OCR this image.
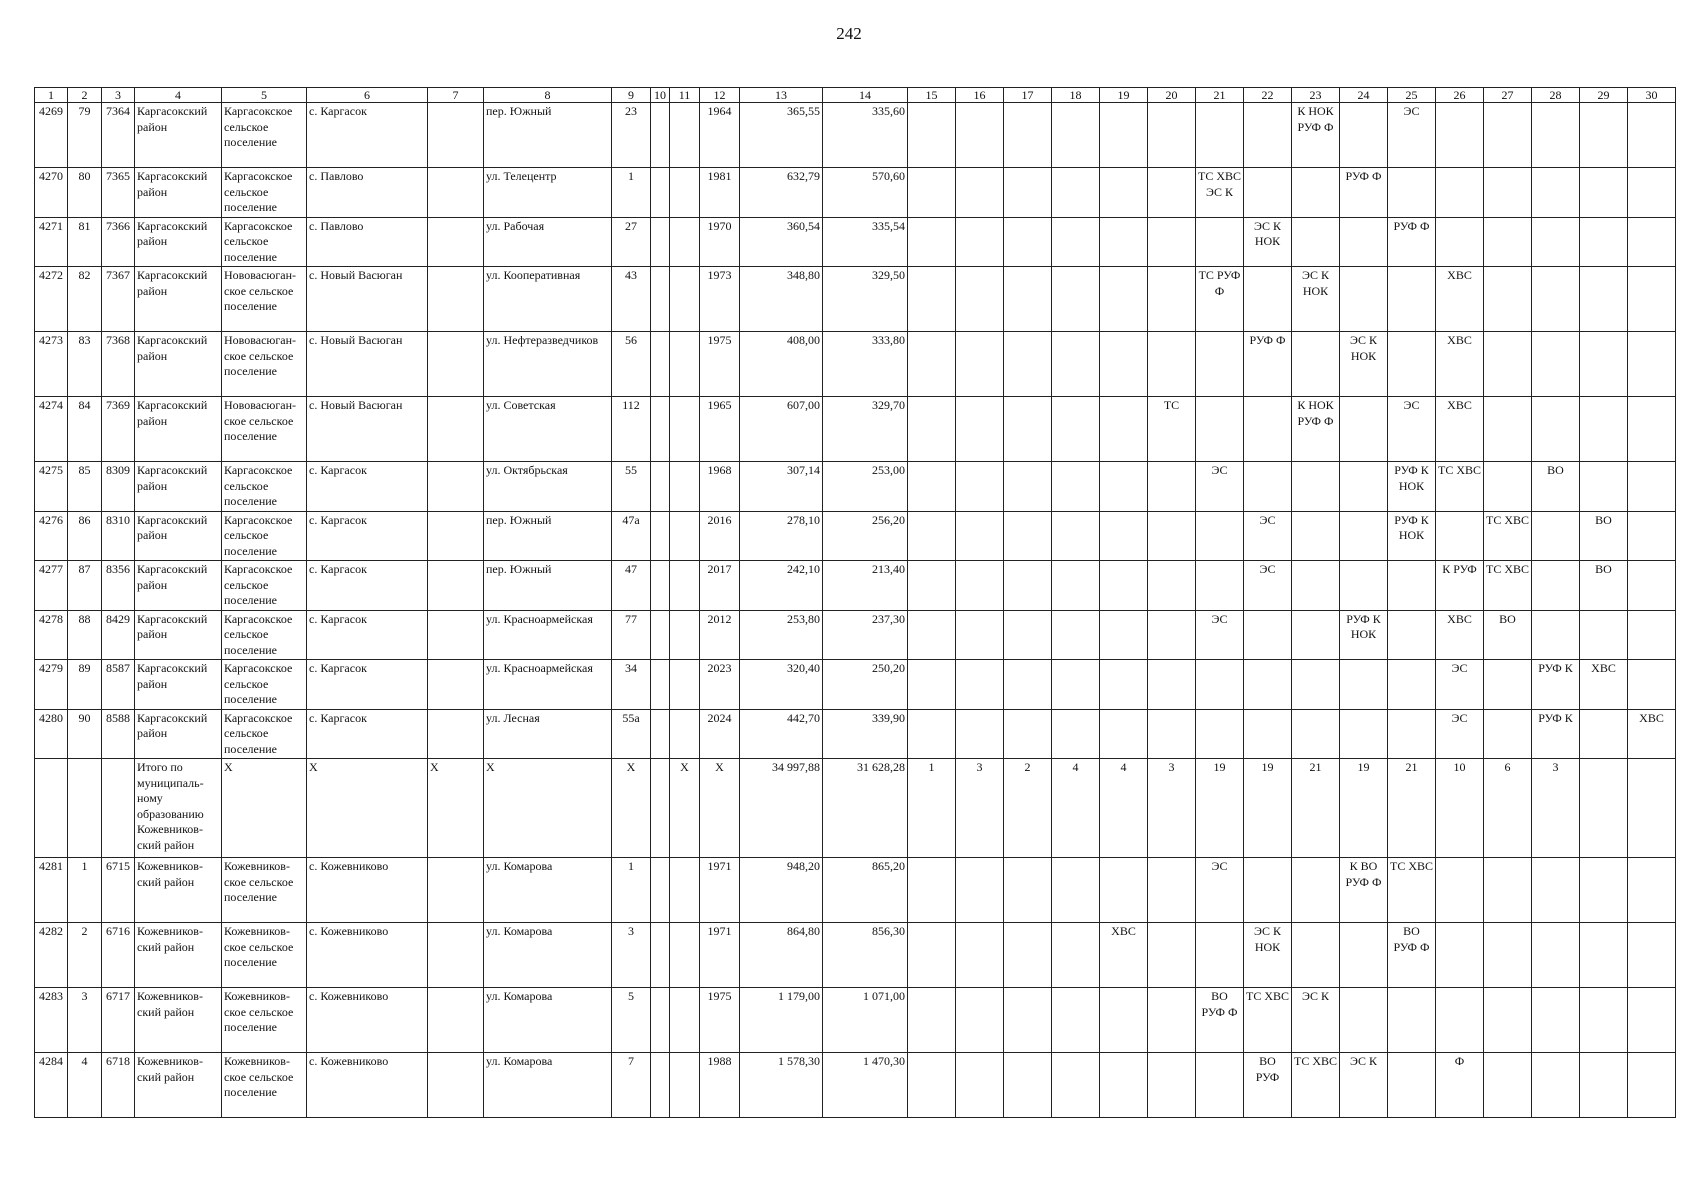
242
1	2	3	4	5	6	7	8	9	10	11	12	13	14	15	16	17	18	19	20	21	22	23	24	25	26	27	28	29	30
4269	79	7364	Каргасокский район	Каргасокское сельское поселение	с. Каргасок		пер. Южный	23			1964	365,55	335,60									К НОК РУФ Ф		ЭС					
4270	80	7365	Каргасокский район	Каргасокское сельское поселение	с. Павлово		ул. Телецентр	1			1981	632,79	570,60							ТС ХВС ЭС К			РУФ Ф						
4271	81	7366	Каргасокский район	Каргасокское сельское поселение	с. Павлово		ул. Рабочая	27			1970	360,54	335,54								ЭС К НОК			РУФ Ф					
4272	82	7367	Каргасокский район	Нововасюган-ское сельское поселение	с. Новый Васюган		ул. Кооперативная	43			1973	348,80	329,50							ТС РУФ Ф		ЭС К НОК			ХВС				
4273	83	7368	Каргасокский район	Нововасюган-ское сельское поселение	с. Новый Васюган		ул. Нефтеразведчиков	56			1975	408,00	333,80								РУФ Ф		ЭС К НОК		ХВС				
4274	84	7369	Каргасокский район	Нововасюган-ское сельское поселение	с. Новый Васюган		ул. Советская	112			1965	607,00	329,70						ТС			К НОК РУФ Ф		ЭС	ХВС				
4275	85	8309	Каргасокский район	Каргасокское сельское поселение	с. Каргасок		ул. Октябрьская	55			1968	307,14	253,00							ЭС				РУФ К НОК	ТС ХВС		ВО		
4276	86	8310	Каргасокский район	Каргасокское сельское поселение	с. Каргасок		пер. Южный	47а			2016	278,10	256,20								ЭС			РУФ К НОК		ТС ХВС		ВО	
4277	87	8356	Каргасокский район	Каргасокское сельское поселение	с. Каргасок		пер. Южный	47			2017	242,10	213,40								ЭС				К РУФ	ТС ХВС		ВО	
4278	88	8429	Каргасокский район	Каргасокское сельское поселение	с. Каргасок		ул. Красноармейская	77			2012	253,80	237,30							ЭС			РУФ К НОК		ХВС	ВО			
4279	89	8587	Каргасокский район	Каргасокское сельское поселение	с. Каргасок		ул. Красноармейская	34			2023	320,40	250,20												ЭС		РУФ К	ХВС	
4280	90	8588	Каргасокский район	Каргасокское сельское поселение	с. Каргасок		ул. Лесная	55а			2024	442,70	339,90												ЭС		РУФ К		ХВС
			Итого по муниципаль-ному образованию Кожевников-ский район	Х	Х	Х	Х	Х		Х	Х	34 997,88	31 628,28	1	3	2	4	4	3	19	19	21	19	21	10	6	3		
4281	1	6715	Кожевников-ский район	Кожевников-ское сельское поселение	с. Кожевниково		ул. Комарова	1			1971	948,20	865,20							ЭС			К ВО РУФ Ф	ТС ХВС					
4282	2	6716	Кожевников-ский район	Кожевников-ское сельское поселение	с. Кожевниково		ул. Комарова	3			1971	864,80	856,30					ХВС			ЭС К НОК			ВО РУФ Ф					
4283	3	6717	Кожевников-ский район	Кожевников-ское сельское поселение	с. Кожевниково		ул. Комарова	5			1975	1 179,00	1 071,00							ВО РУФ Ф	ТС ХВС	ЭС К							
4284	4	6718	Кожевников-ский район	Кожевников-ское сельское поселение	с. Кожевниково		ул. Комарова	7			1988	1 578,30	1 470,30								ВО РУФ	ТС ХВС	ЭС К		Ф				
